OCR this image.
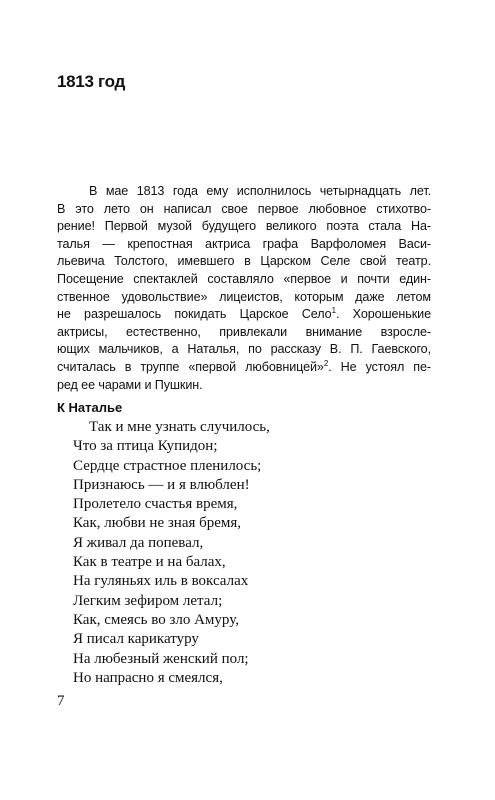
1813 год

В мае 1813 года ему исполнилось четырнадцать лет.
В это лето он написал свое первое любовное стихотво-
рение! Первой музой будущего великого поэта стала На-
талья — крепостная актриса графа Варфоломея Васи-
льевича Толстого, имевшего в Царском Селе свой театр.
Посещение спектаклей составляло «первое и почти един-
ственное удовольствие» лицеистов, которым даже летом
не разрешалось покидать Царское Село$^1$. Хорошенькие
актрисы, естественно, привлекали внимание взросле-
ющих мальчиков, а Наталья, по рассказу В. П. Гаевского,
считалась в труппе «первой любовницей»$^2$. Не устоял пе-
ред ее чарами и Пушкин.

К Наталье
Так и мне узнать случилось,
Что за птица Купидон;
Сердце страстное пленилось;
Признаюсь — и я влюблен!
Пролетело счастья время,
Как, любви не зная бремя,
Я живал да попевал,
Как в театре и на балах,
На гуляньях иль в воксалах
Легким зефиром летал;
Как, смеясь во зло Амуру,
Я писал карикатуру
На любезный женский пол;
Но напрасно я смеялся,
7
